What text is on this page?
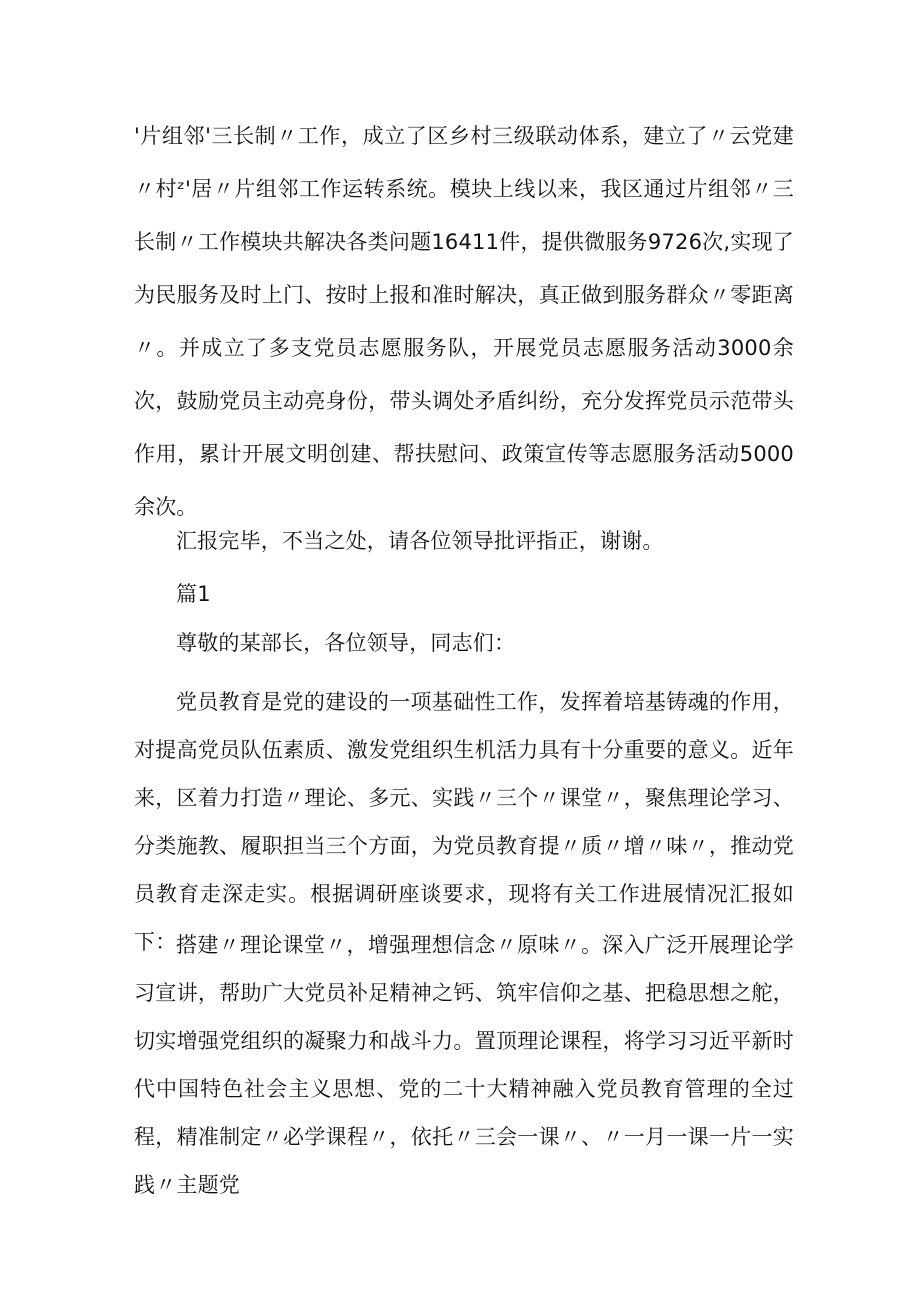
'片组邻'三长制〃工作，成立了区乡村三级联动体系，建立了〃云党建〃村ᶻ'居〃片组邻工作运转系统。模块上线以来，我区通过片组邻〃三长制〃工作模块共解决各类问题16411件，提供微服务9726次,实现了为民服务及时上门、按时上报和准时解决，真正做到服务群众〃零距离〃。并成立了多支党员志愿服务队，开展党员志愿服务活动3000余次，鼓励党员主动亮身份，带头调处矛盾纠纷，充分发挥党员示范带头作用，累计开展文明创建、帮扶慰问、政策宣传等志愿服务活动5000余次。

汇报完毕，不当之处，请各位领导批评指正，谢谢。

篇1

尊敬的某部长，各位领导，同志们：

党员教育是党的建设的一项基础性工作，发挥着培基铸魂的作用，对提高党员队伍素质、激发党组织生机活力具有十分重要的意义。近年来，区着力打造〃理论、多元、实践〃三个〃课堂〃，聚焦理论学习、分类施教、履职担当三个方面，为党员教育提〃质〃增〃味〃，推动党员教育走深走实。根据调研座谈要求，现将有关工作进展情况汇报如下： 搭建〃理论课堂〃，增强理想信念〃原味〃。深入广泛开展理论学习宣讲，帮助广大党员补足精神之钙、筑牢信仰之基、把稳思想之舵，切实增强党组织的凝聚力和战斗力。置顶理论课程，将学习习近平新时代中国特色社会主义思想、党的二十大精神融入党员教育管理的全过程，精准制定〃必学课程〃，依托〃三会一课〃、〃一月一课一片一实践〃主题党
